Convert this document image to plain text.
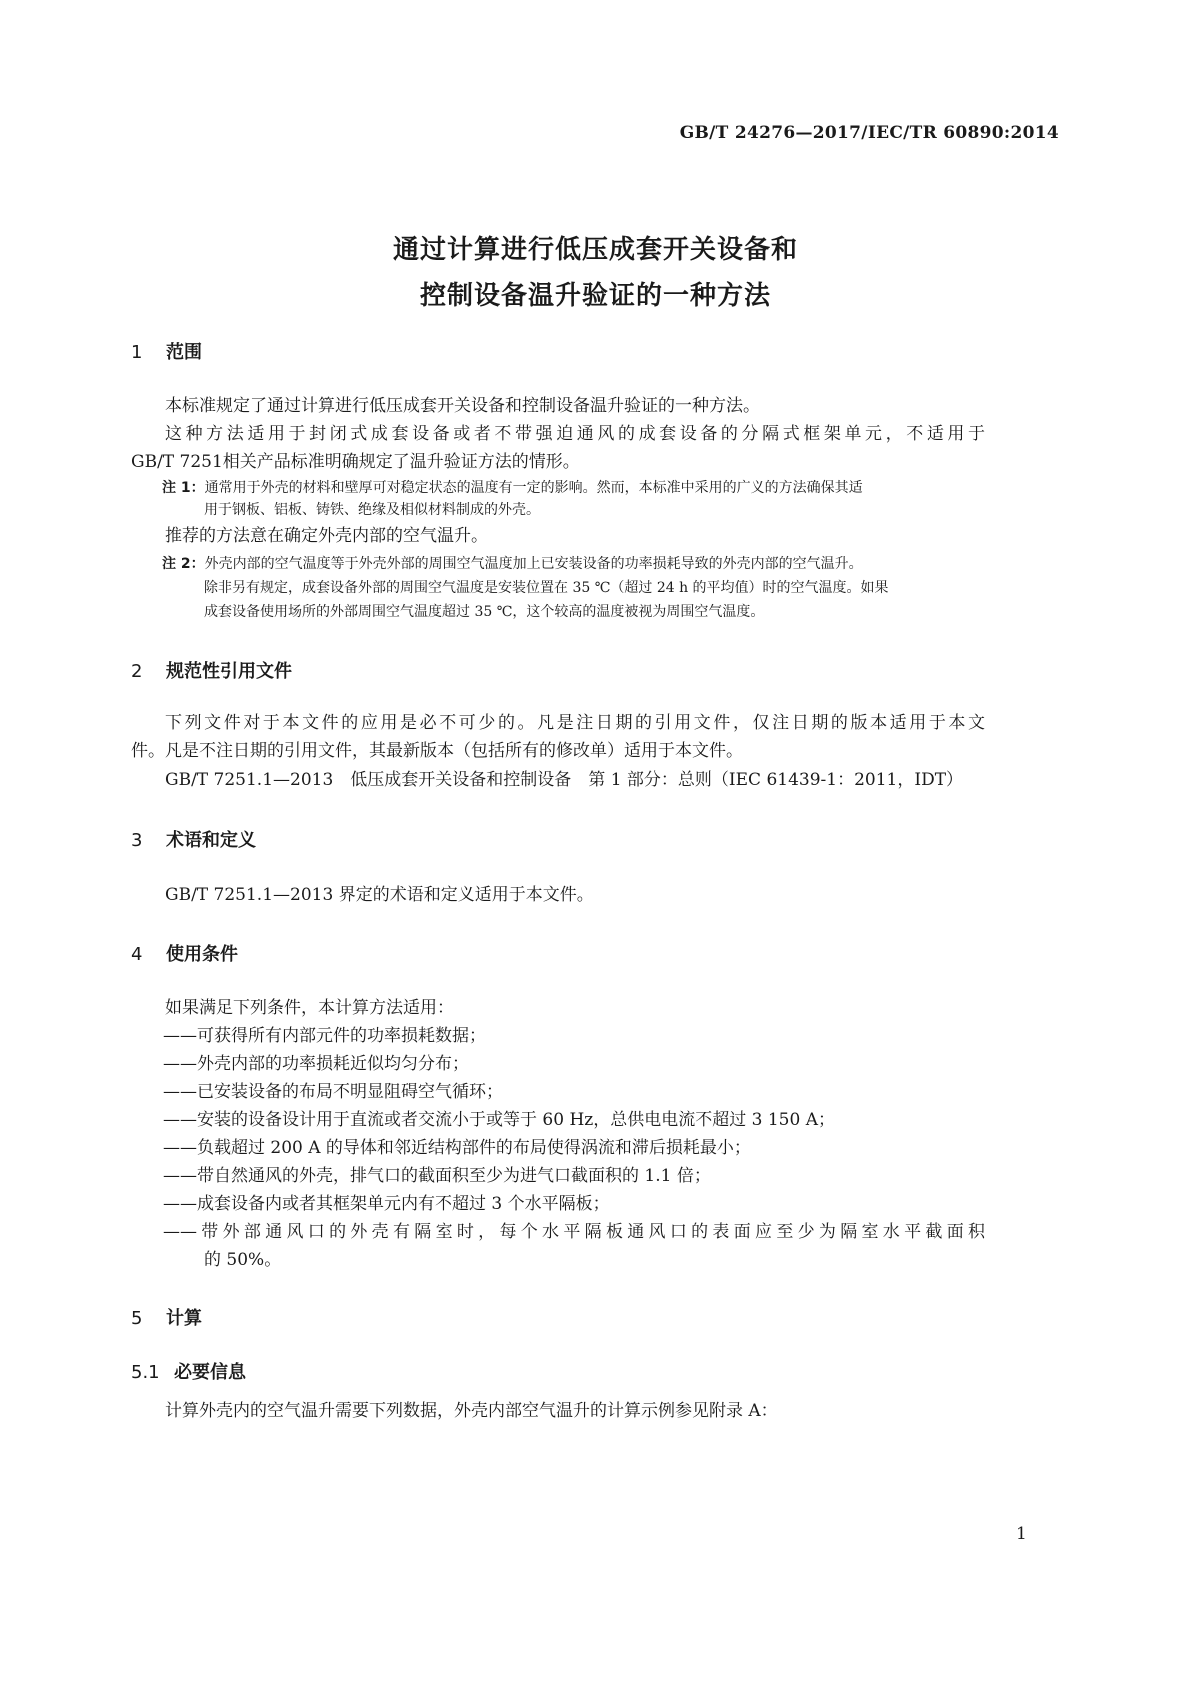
GB/T 24276—2017/IEC/TR 60890:2014
通过计算进行低压成套开关设备和
控制设备温升验证的一种方法
1 范围
本标准规定了通过计算进行低压成套开关设备和控制设备温升验证的一种方法。
这种方法适用于封闭式成套设备或者不带强迫通风的成套设备的分隔式框架单元，不适用于
GB/T 7251相关产品标准明确规定了温升验证方法的情形。
注 1：通常用于外壳的材料和壁厚可对稳定状态的温度有一定的影响。然而，本标准中采用的广义的方法确保其适
用于钢板、铝板、铸铁、绝缘及相似材料制成的外壳。
推荐的方法意在确定外壳内部的空气温升。
注 2：外壳内部的空气温度等于外壳外部的周围空气温度加上已安装设备的功率损耗导致的外壳内部的空气温升。
除非另有规定，成套设备外部的周围空气温度是安装位置在 35 ℃（超过 24 h 的平均值）时的空气温度。如果
成套设备使用场所的外部周围空气温度超过 35 ℃，这个较高的温度被视为周围空气温度。
2 规范性引用文件
下列文件对于本文件的应用是必不可少的。凡是注日期的引用文件，仅注日期的版本适用于本文
件。凡是不注日期的引用文件，其最新版本（包括所有的修改单）适用于本文件。
GB/T 7251.1—2013　低压成套开关设备和控制设备　第 1 部分：总则（IEC 61439-1：2011，IDT）
3 术语和定义
GB/T 7251.1—2013 界定的术语和定义适用于本文件。
4 使用条件
如果满足下列条件，本计算方法适用：
——可获得所有内部元件的功率损耗数据；
——外壳内部的功率损耗近似均匀分布；
——已安装设备的布局不明显阻碍空气循环；
——安装的设备设计用于直流或者交流小于或等于 60 Hz，总供电电流不超过 3 150 A；
——负载超过 200 A 的导体和邻近结构部件的布局使得涡流和滞后损耗最小；
——带自然通风的外壳，排气口的截面积至少为进气口截面积的 1.1 倍；
——成套设备内或者其框架单元内有不超过 3 个水平隔板；
——带外部通风口的外壳有隔室时，每个水平隔板通风口的表面应至少为隔室水平截面积
的 50%。
5 计算
5.1 必要信息
计算外壳内的空气温升需要下列数据，外壳内部空气温升的计算示例参见附录 A：
1
